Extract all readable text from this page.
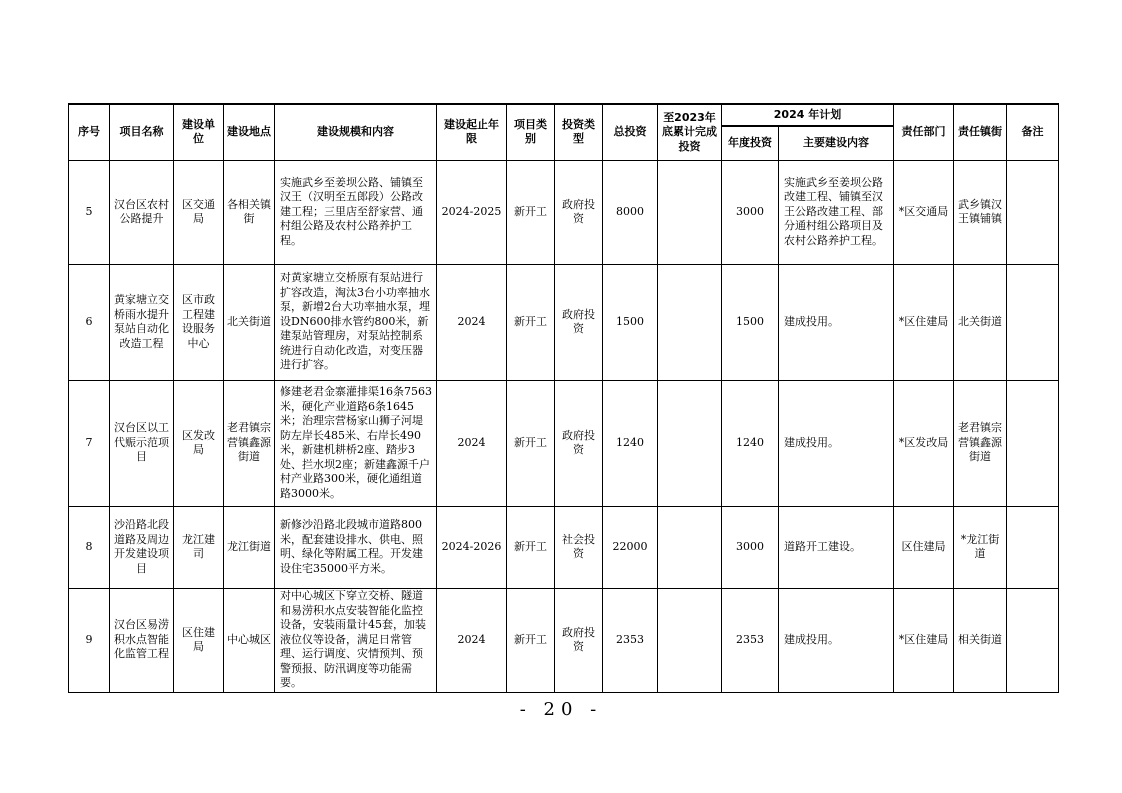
序号	项目名称	建设单位	建设地点	建设规模和内容	建设起止年限	项目类别	投资类型	总投资	至2023年底累计完成投资	2024 年计划		责任部门	责任镇街	备注
										年度投资	主要建设内容			
5	汉台区农村公路提升	区交通局	各相关镇街	实施武乡至姜坝公路、铺镇至汉王（汉明至五郎段）公路改建工程；三里店至舒家营、通村组公路及农村公路养护工程。	2024-2025	新开工	政府投资	8000		3000	实施武乡至姜坝公路改建工程、铺镇至汉王公路改建工程、部分通村组公路项目及农村公路养护工程。	*区交通局	武乡镇汉王镇铺镇	
6	黄家塘立交桥雨水提升泵站自动化改造工程	区市政工程建设服务中心	北关街道	对黄家塘立交桥原有泵站进行扩容改造，淘汰3台小功率抽水泵，新增2台大功率抽水泵，埋设DN600排水管约800米，新建泵站管理房，对泵站控制系统进行自动化改造，对变压器进行扩容。	2024	新开工	政府投资	1500		1500	建成投用。	*区住建局	北关街道	
7	汉台区以工代赈示范项目	区发改局	老君镇宗营镇鑫源街道	修建老君金寨灌排渠16条7563米，硬化产业道路6条1645米；治理宗营杨家山狮子河堤防左岸长485米、右岸长490米，新建机耕桥2座、踏步3处、拦水坝2座；新建鑫源千户村产业路300米，硬化通组道路3000米。	2024	新开工	政府投资	1240		1240	建成投用。	*区发改局	老君镇宗营镇鑫源街道	
8	沙沿路北段道路及周边开发建设项目	龙江建司	龙江街道	新修沙沿路北段城市道路800米，配套建设排水、供电、照明、绿化等附属工程。开发建设住宅35000平方米。	2024-2026	新开工	社会投资	22000		3000	道路开工建设。	区住建局	*龙江街道	
9	汉台区易涝积水点智能化监管工程	区住建局	中心城区	对中心城区下穿立交桥、隧道和易涝积水点安装智能化监控设备，安装雨量计45套，加装液位仪等设备，满足日常管理、运行调度、灾情预判、预警预报、防汛调度等功能需要。	2024	新开工	政府投资	2353		2353	建成投用。	*区住建局	相关街道	
- 20 -
